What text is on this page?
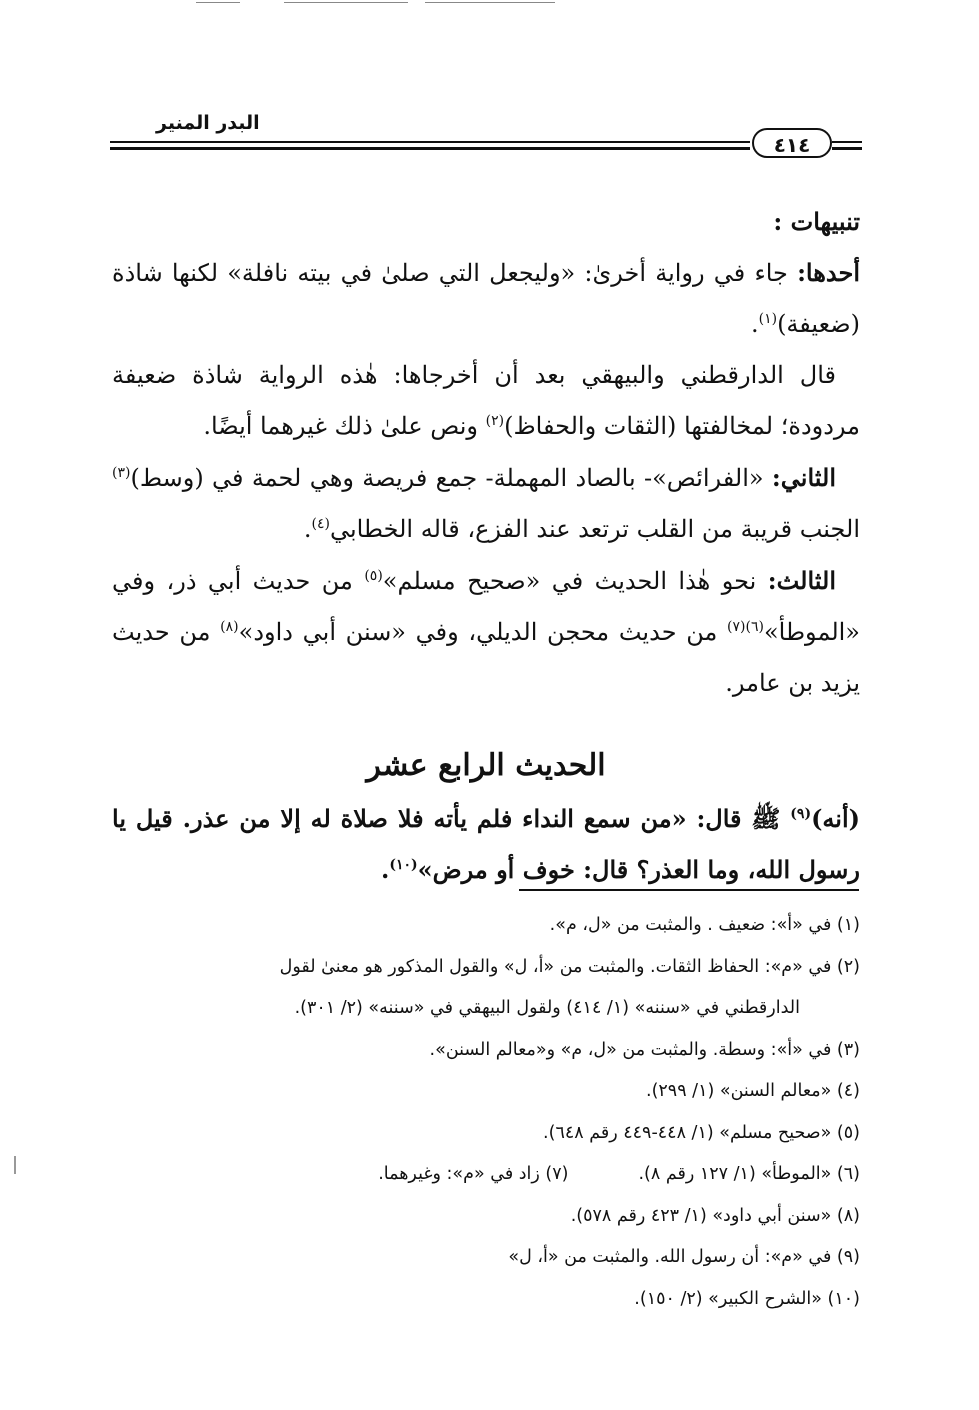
البدر المنير
٤١٤

تنبيهات :

أحدها: جاء في رواية أخرىٰ: «وليجعل التي صلىٰ في بيته نافلة» لكنها شاذة (ضعيفة)$^{(١)}$.

 قال الدارقطني والبيهقي بعد أن أخرجاها: هٰذه الرواية شاذة ضعيفة مردودة؛ لمخالفتها (الثقات والحفاظ)$^{(٢)}$ ونص علىٰ ذلك غيرهما أيضًا.

 الثاني: «الفرائص»- بالصاد المهملة- جمع فريصة وهي لحمة في (وسط)$^{(٣)}$ الجنب قريبة من القلب ترتعد عند الفزع، قاله الخطابي$^{(٤)}$.

 الثالث: نحو هٰذا الحديث في «صحيح مسلم»$^{(٥)}$ من حديث أبي ذر، وفي «الموطأ»$^{(٦)(٧)}$ من حديث محجن الديلي، وفي «سنن أبي داود»$^{(٨)}$ من حديث يزيد بن عامر.

الحديث الرابع عشر

(أنه)$^{(٩)}$ ﷺ قال: «من سمع النداء فلم يأته فلا صلاة له إلا من عذر. قيل يا رسول الله، وما العذر؟ قال: خوف أو مرض»$^{(١٠)}$.

(١) في «أ»: ضعيف . والمثبت من «ل، م».

(٢) في «م»: الحفاظ الثقات. والمثبت من «أ، ل» والقول المذكور هو معنىٰ لقول

الدارقطني في «سننه» (١/ ٤١٤) ولقول البيهقي في «سننه» (٢/ ٣٠١).

(٣) في «أ»: وسطة. والمثبت من «ل، م» و«معالم السنن».

(٤) «معالم السنن» (١/ ٢٩٩).

(٥) «صحيح مسلم» (١/ ٤٤٨-٤٤٩ رقم ٦٤٨).

(٦) «الموطأ» (١/ ١٢٧ رقم ٨).
(٧) زاد في «م»: وغيرهما.

(٨) «سنن أبي داود» (١/ ٤٢٣ رقم ٥٧٨).

(٩) في «م»: أن رسول الله. والمثبت من «أ، ل»

(١٠) «الشرح الكبير» (٢/ ١٥٠).
